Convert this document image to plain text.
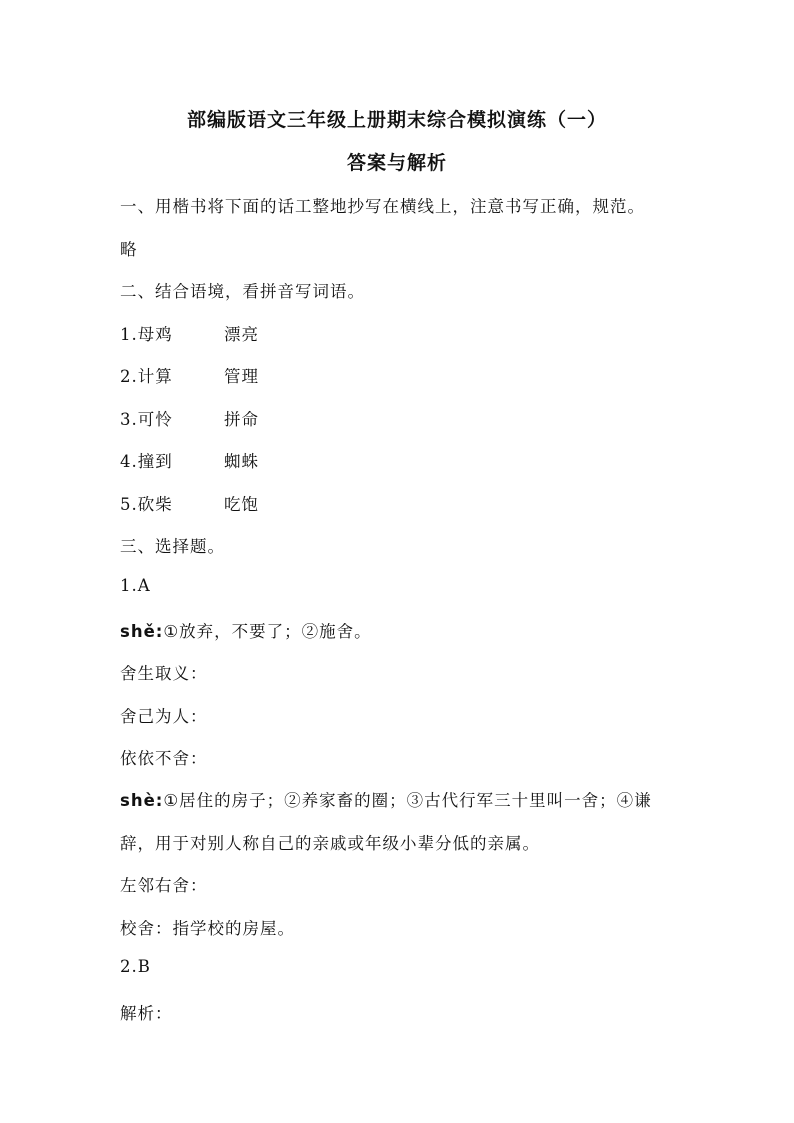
部编版语文三年级上册期末综合模拟演练（一）
答案与解析
一、用楷书将下面的话工整地抄写在横线上，注意书写正确，规范。
略
二、结合语境，看拼音写词语。
1.母鸡	漂亮
2.计算	管理
3.可怜	拼命
4.撞到	蜘蛛
5.砍柴	吃饱
三、选择题。
1.A
shě:①放弃，不要了；②施舍。
舍生取义：
舍己为人：
依依不舍：
shè:①居住的房子；②养家畜的圈；③古代行军三十里叫一舍；④谦
辞，用于对别人称自己的亲戚或年级小辈分低的亲属。
左邻右舍：
校舍：指学校的房屋。
2.B
解析：
